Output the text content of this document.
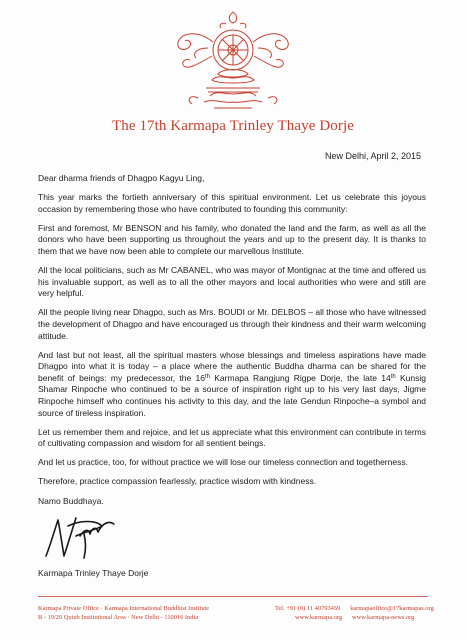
The 17th Karmapa Trinley Thaye Dorje
New Delhi, April 2, 2015

Dear dharma friends of Dhagpo Kagyu Ling,

This year marks the fortieth anniversary of this spiritual environment. Let us celebrate this joyous occasion by remembering those who have contributed to founding this community:

First and foremost, Mr BENSON and his family, who donated the land and the farm, as well as all the donors who have been supporting us throughout the years and up to the present day. It is thanks to them that we have now been able to complete our marvellous Institute.

All the local politicians, such as Mr CABANEL, who was mayor of Montignac at the time and offered us his invaluable support, as well as to all the other mayors and local authorities who were and still are very helpful.

All the people living near Dhagpo, such as Mrs. BOUDI or Mr. DELBOS – all those who have witnessed the development of Dhagpo and have encouraged us through their kindness and their warm welcoming attitude.

And last but not least, all the spiritual masters whose blessings and timeless aspirations have made Dhagpo into what it is today – a place where the authentic Buddha dharma can be shared for the benefit of beings: my predecessor, the 16th Karmapa Rangjung Rigpe Dorje, the late 14th Kunsig Shamar Rinpoche who continued to be a source of inspiration right up to his very last days, Jigme Rinpoche himself who continues his activity to this day, and the late Gendun Rinpoche–a symbol and source of tireless inspiration.

Let us remember them and rejoice, and let us appreciate what this environment can contribute in terms of cultivating compassion and wisdom for all sentient beings.

And let us practice, too, for without practice we will lose our timeless connection and togetherness.

Therefore, practice compassion fearlessly, practice wisdom with kindness.

Namo Buddhaya.

Karmapa Trinley Thaye Dorje
Karmapa Private Office · Karmapa International Buddhist Institute
B - 19/20 Qutub Institutional Area · New Delhi - 110016 India
Tel. +91 (0) 11 40793459 karmapaoffice@17karmapas.org
www.karmapa.org www.karmapa-news.org
